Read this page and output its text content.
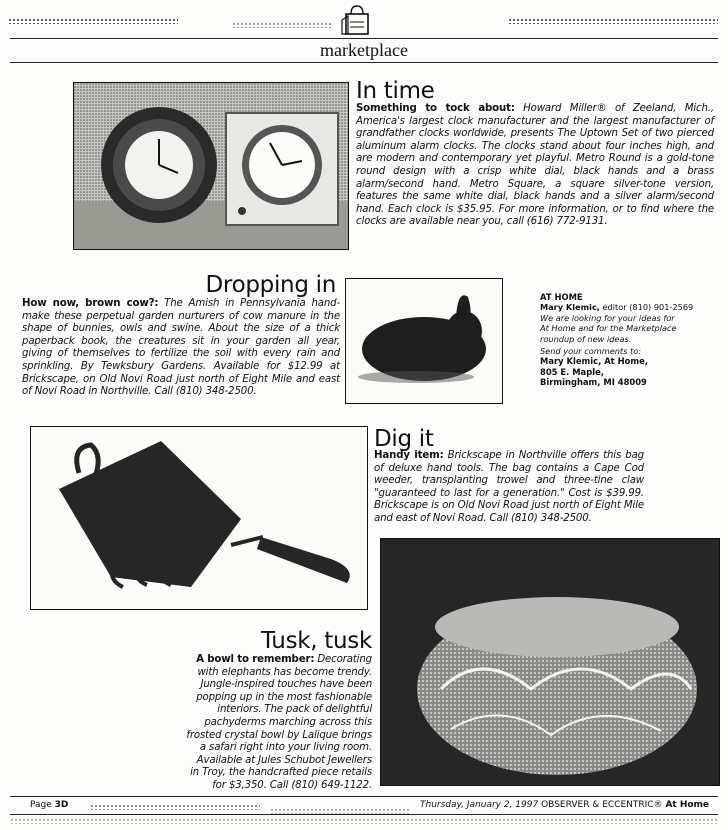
marketplace
In time
Something to tock about: Howard Miller® of Zeeland, Mich., America's largest clock manufacturer and the largest manufacturer of grandfather clocks worldwide, presents The Uptown Set of two pierced aluminum alarm clocks. The clocks stand about four inches high, and are modern and contemporary yet playful. Metro Round is a gold-tone round design with a crisp white dial, black hands and a brass alarm/second hand. Metro Square, a square silver-tone version, features the same white dial, black hands and a silver alarm/second hand. Each clock is $35.95. For more information, or to find where the clocks are available near you, call (616) 772-9131.
Dropping in
How now, brown cow?: The Amish in Pennsylvania hand-make these perpetual garden nurturers of cow manure in the shape of bunnies, owls and swine. About the size of a thick paperback book, the creatures sit in your garden all year, giving of themselves to fertilize the soil with every rain and sprinkling. By Tewksbury Gardens. Available for $12.99 at Brickscape, on Old Novi Road just north of Eight Mile and east of Novi Road in Northville. Call (810) 348-2500.
AT HOME
Mary Klemic, editor (810) 901-2569
We are looking for your ideas for
At Home and for the Marketplace
roundup of new ideas.
Send your comments to:
Mary Klemic, At Home,
805 E. Maple,
Birmingham, MI 48009
Dig it
Handy item: Brickscape in Northville offers this bag of deluxe hand tools. The bag contains a Cape Cod weeder, transplanting trowel and three-tine claw "guaranteed to last for a generation." Cost is $39.99. Brickscape is on Old Novi Road just north of Eight Mile and east of Novi Road. Call (810) 348-2500.
Tusk, tusk
A bowl to remember: Decorating with elephants has become trendy. Jungle-inspired touches have been popping up in the most fashionable interiors. The pack of delightful pachyderms marching across this frosted crystal bowl by Lalique brings a safari right into your living room. Available at Jules Schubot Jewellers in Troy, the handcrafted piece retails for $3,350. Call (810) 649-1122.
Page 3D	Thursday, January 2, 1997 OBSERVER & ECCENTRIC® At Home
